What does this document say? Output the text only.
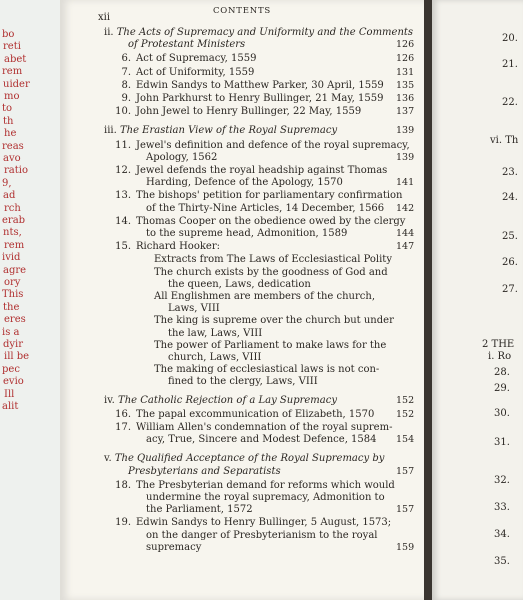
bo
reti
abet
rem
uider
mo
to
th
he
reas
avo
ratio
9,
ad
rch
erab
nts,
rem
ivid
agre
ory
This
the
eres
is a
dyir
ill be
pec
evio
Ill
alit
xii
CONTENTS
ii. The Acts of Supremacy and Uniformity and the Comments
of Protestant Ministers	126
6. Act of Supremacy, 1559	126
7. Act of Uniformity, 1559	131
8. Edwin Sandys to Matthew Parker, 30 April, 1559 135
9. John Parkhurst to Henry Bullinger, 21 May, 1559 136
10. John Jewel to Henry Bullinger, 22 May, 1559	137
iii. The Erastian View of the Royal Supremacy	139
11. Jewel's definition and defence of the royal supremacy,
Apology, 1562	139
12. Jewel defends the royal headship against Thomas
Harding, Defence of the Apology, 1570	141
13. The bishops' petition for parliamentary confirmation
of the Thirty-Nine Articles, 14 December, 1566 142
14. Thomas Cooper on the obedience owed by the clergy
to the supreme head, Admonition, 1589	144
15. Richard Hooker:	147
Extracts from The Laws of Ecclesiastical Polity
The church exists by the goodness of God and
the queen, Laws, dedication
All Englishmen are members of the church,
Laws, VIII
The king is supreme over the church but under
the law, Laws, VIII
The power of Parliament to make laws for the
church, Laws, VIII
The making of ecclesiastical laws is not con-
fined to the clergy, Laws, VIII
iv. The Catholic Rejection of a Lay Supremacy	152
16. The papal excommunication of Elizabeth, 1570 152
17. William Allen's condemnation of the royal suprem-
acy, True, Sincere and Modest Defence, 1584 154
v. The Qualified Acceptance of the Royal Supremacy by
Presbyterians and Separatists	157
18. The Presbyterian demand for reforms which would
undermine the royal supremacy, Admonition to
the Parliament, 1572	157
19. Edwin Sandys to Henry Bullinger, 5 August, 1573;
on the danger of Presbyterianism to the royal
supremacy	159
20.
21.
22.
vi. Th
23.
24.
25.
26.
27.
2 THE
i. Ro
28.
29.
30.
31.
32.
33.
34.
35.
